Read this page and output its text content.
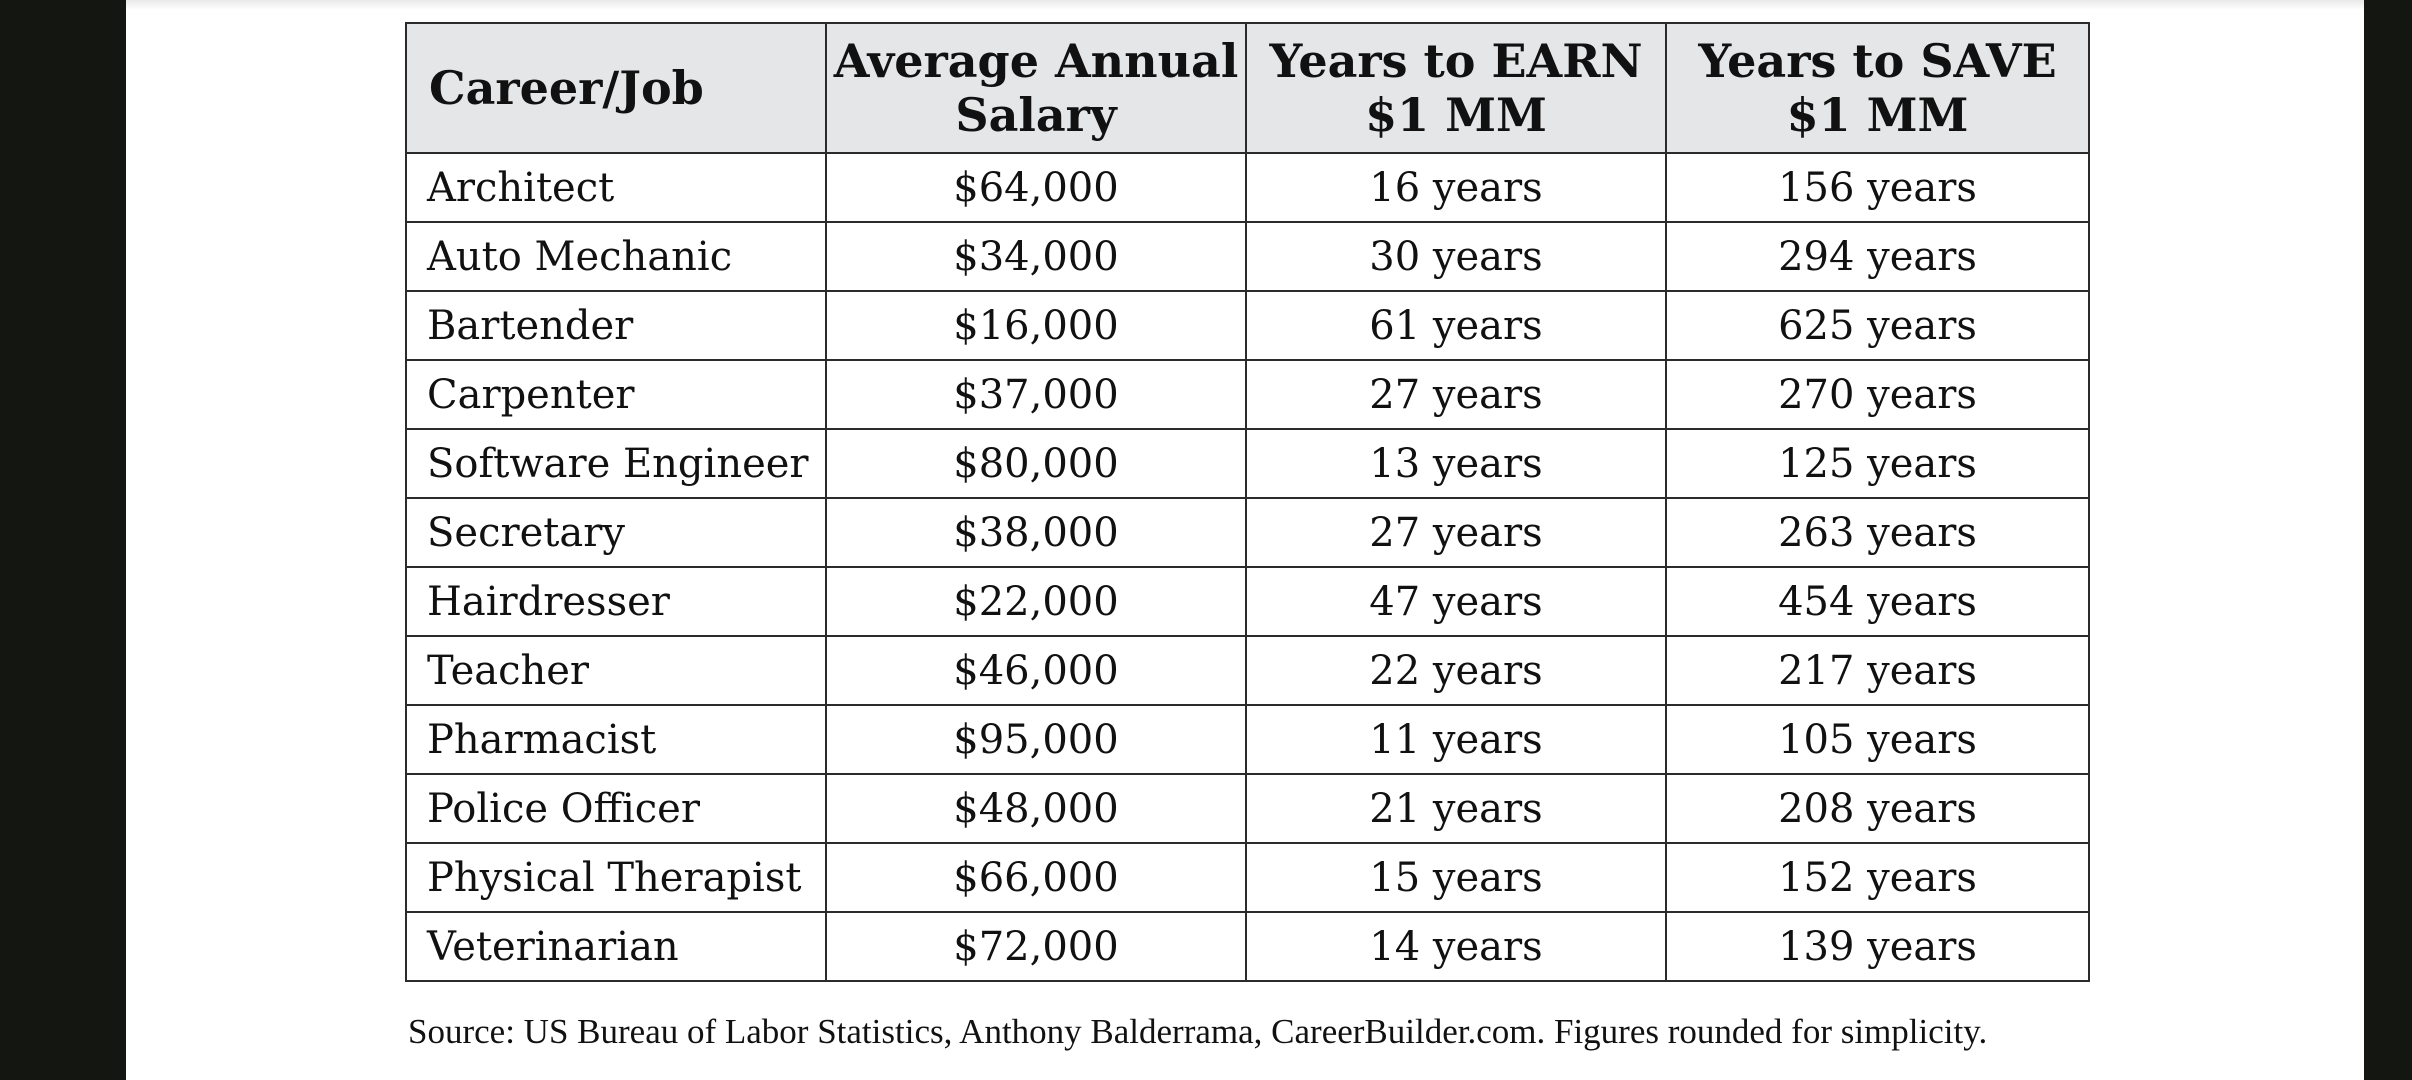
Career/Job	Average Annual Salary	Years to EARN $1 MM	Years to SAVE $1 MM
Architect	$64,000	16 years	156 years
Auto Mechanic	$34,000	30 years	294 years
Bartender	$16,000	61 years	625 years
Carpenter	$37,000	27 years	270 years
Software Engineer	$80,000	13 years	125 years
Secretary	$38,000	27 years	263 years
Hairdresser	$22,000	47 years	454 years
Teacher	$46,000	22 years	217 years
Pharmacist	$95,000	11 years	105 years
Police Officer	$48,000	21 years	208 years
Physical Therapist	$66,000	15 years	152 years
Veterinarian	$72,000	14 years	139 years
Source: US Bureau of Labor Statistics, Anthony Balderrama, CareerBuilder.com. Figures rounded for simplicity.
